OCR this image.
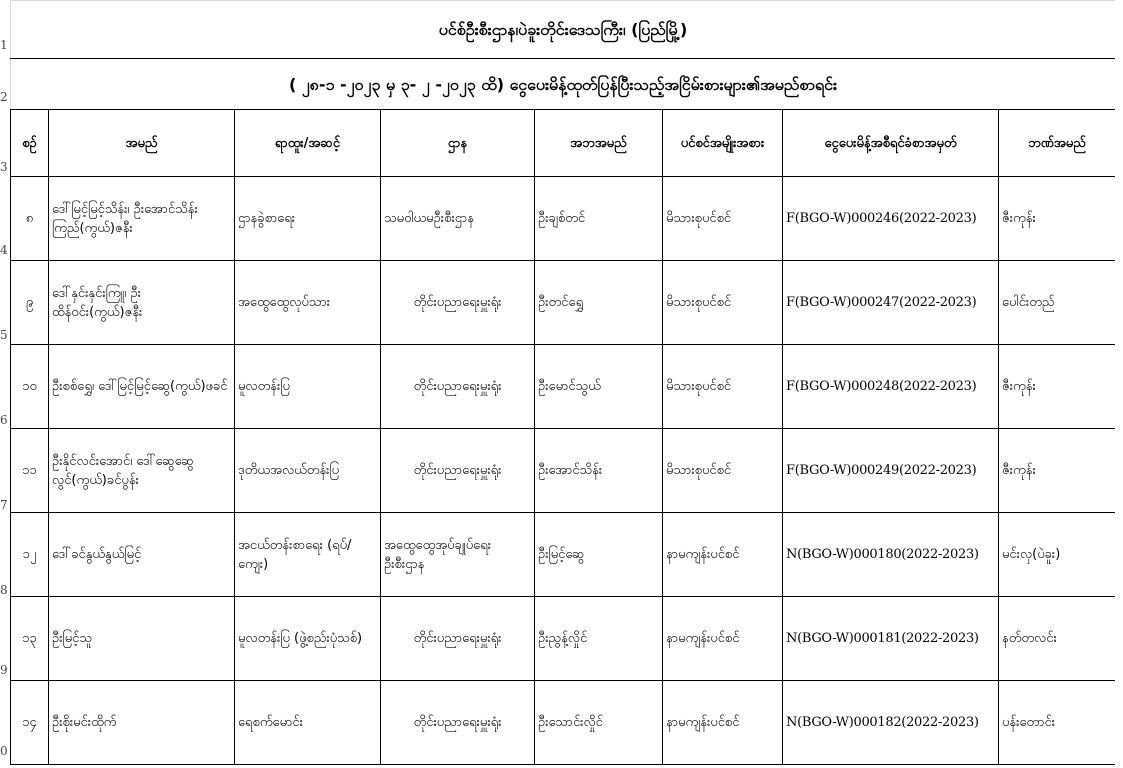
1
2
3
4
5
6
7
8
9
0
ပင်စ်ဦးစီးဌာန၊ပဲခူးတိုင်းဒေသကြီး၊ (ပြည်မြို့)							
( ၂၈-၁ -၂၀၂၃ မှ ၃- ၂ -၂၀၂၃ ထိ) ငွေပေးမိန့်ထုတ်ပြန်ပြီးသည့်အငြိမ်းစားများ၏အမည်စာရင်း							
စဉ်	အမည်	ရာထူး/အဆင့်	ဌာန	အဘအမည်	ပင်စင်အမျိုးအစား	ငွေပေးမိန့်အစီရင်ခံစာအမှတ်	ဘဏ်အမည်
၈	ဒေါ်မြင့်မြင့်သိန်း၊ ဦးအောင်သိန်းကြည်(ကွယ်)ဇနီး	ဌာနခွဲစာရေး	သမဝါယမဦးစီးဌာန	ဦးချစ်တင်	မိသားစုပင်စင်	F(BGO-W)000246(2022-2023)	ဇီးကုန်း
၉	ဒေါ်နှင်းနှင်းကြူ၊ ဦးထိန်ဝင်း(ကွယ်)ဇနီး	အထွေထွေလုပ်သား	တိုင်းပညာရေးမှူးရုံး	ဦးတင်ရွှေ	မိသားစုပင်စင်	F(BGO-W)000247(2022-2023)	ပေါင်းတည်
၁၀	ဦးစစ်ရွှေ၊ ဒေါ်မြင့်မြင့်ဆွေ(ကွယ်)ဖခင်	မူလတန်းပြ	တိုင်းပညာရေးမှူးရုံး	ဦးမောင်သွယ်	မိသားစုပင်စင်	F(BGO-W)000248(2022-2023)	ဇီးကုန်း
၁၁	ဦးနိုင်လင်းအောင်၊ ဒေါ်ဆွေဆွေလွင်(ကွယ်)ခင်ပွန်း	ဒုတိယအလယ်တန်းပြ	တိုင်းပညာရေးမှူးရုံး	ဦးအောင်သိန်း	မိသားစုပင်စင်	F(BGO-W)000249(2022-2023)	ဇီးကုန်း
၁၂	ဒေါ်ခင်နွယ်နွယ်မြင့်	အငယ်တန်းစာရေး (ရပ်/ကျေး)	အထွေထွေအုပ်ချုပ်ရေး ဦးစီးဌာန	ဦးမြင့်ဆွေ	နာမကျန်းပင်စင်	N(BGO-W)000180(2022-2023)	မင်းလှ(ပဲခူး)
၁၃	ဦးမြင့်သူ	မူလတန်းပြ (ဖွဲ့စည်းပုံသစ်)	တိုင်းပညာရေးမှူးရုံး	ဦးညွန့်လှိုင်	နာမကျန်းပင်စင်	N(BGO-W)000181(2022-2023)	နတ်တလင်း
၁၄	ဦးစိုးမင်းထိုက်	ရေစက်မောင်း	တိုင်းပညာရေးမှူးရုံး	ဦးသောင်းလှိုင်	နာမကျန်းပင်စင်	N(BGO-W)000182(2022-2023)	ပန်းတောင်း
